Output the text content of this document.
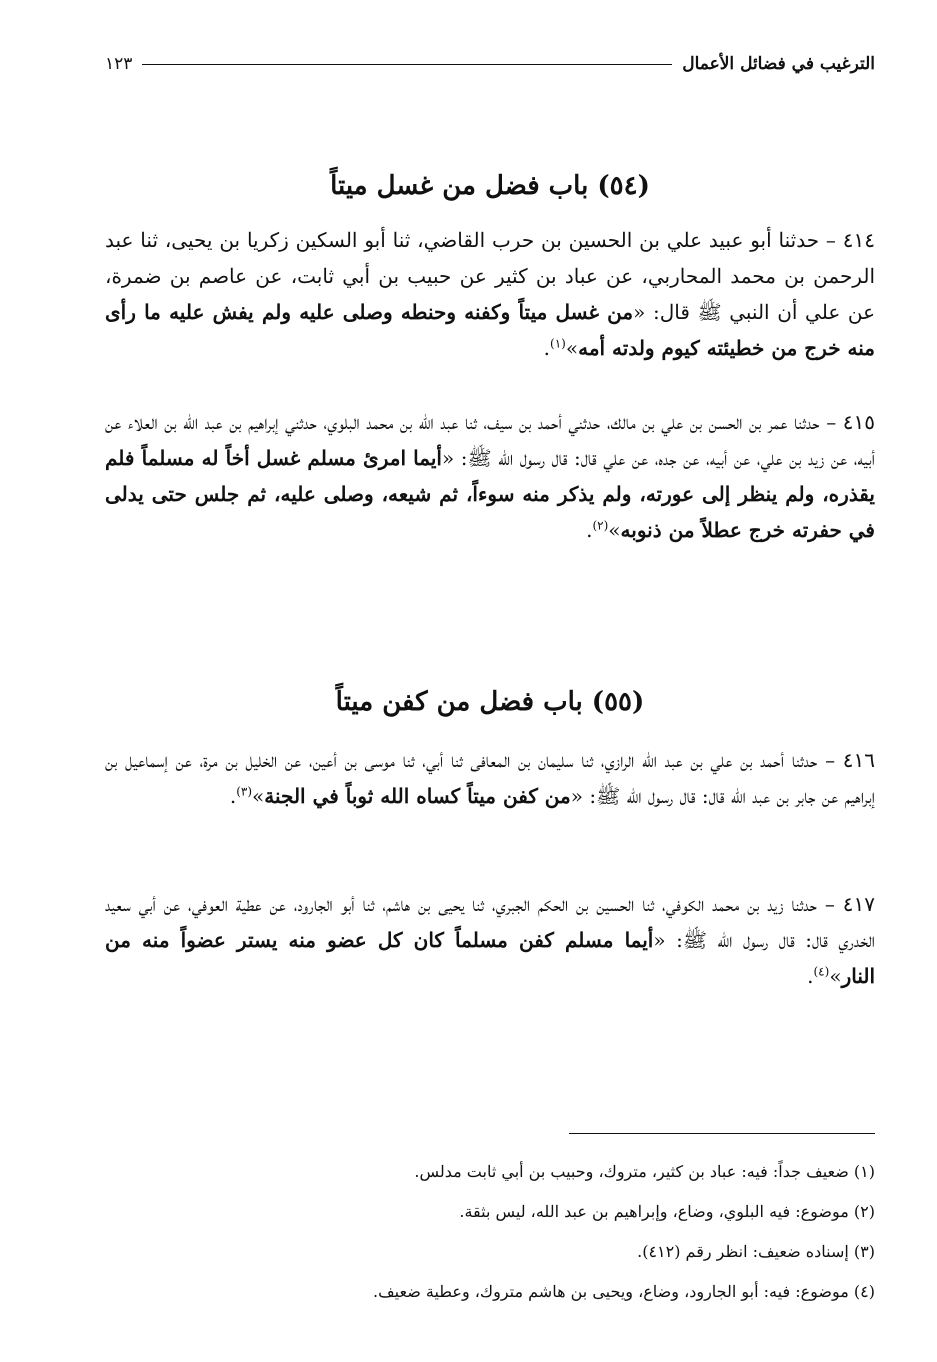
الترغيب في فضائل الأعمال
١٢٣
(٥٤) باب فضل من غسل ميتاً

٤١٤ – حدثنا أبو عبيد علي بن الحسين بن حرب القاضي، ثنا أبو السكين زكريا بن يحيى، ثنا عبد الرحمن بن محمد المحاربي، عن عباد بن كثير عن حبيب بن أبي ثابت، عن عاصم بن ضمرة، عن علي أن النبي ﷺ قال: «من غسل ميتاً وكفنه وحنطه وصلى عليه ولم يفش عليه ما رأى منه خرج من خطيئته كيوم ولدته أمه»$^{(١)}$.

٤١٥ – حدثنا عمر بن الحسن بن علي بن مالك، حدثني أحمد بن سيف، ثنا عبد الله بن محمد البلوي، حدثني إبراهيم بن عبد الله بن العلاء عن أبيه، عن زيد بن علي، عن أبيه، عن جده، عن علي قال: قال رسول الله ﷺ: «أيما امرئ مسلم غسل أخاً له مسلماً فلم يقذره، ولم ينظر إلى عورته، ولم يذكر منه سوءاً، ثم شيعه، وصلى عليه، ثم جلس حتى يدلى في حفرته خرج عطلاً من ذنوبه»$^{(٢)}$.

(٥٥) باب فضل من كفن ميتاً

٤١٦ – حدثنا أحمد بن علي بن عبد الله الرازي، ثنا سليمان بن المعافى ثنا أبي، ثنا موسى بن أعين، عن الخليل بن مرة، عن إسماعيل بن إبراهيم عن جابر بن عبد الله قال: قال رسول الله ﷺ: «من كفن ميتاً كساه الله ثوباً في الجنة»$^{(٣)}$.

٤١٧ – حدثنا زيد بن محمد الكوفي، ثنا الحسين بن الحكم الجبري، ثنا يحيى بن هاشم، ثنا أبو الجارود، عن عطية العوفي، عن أبي سعيد الخدري قال: قال رسول الله ﷺ: «أيما مسلم كفن مسلماً كان كل عضو منه يستر عضواً منه من النار»$^{(٤)}$.

(١) ضعيف جداً: فيه: عباد بن كثير، متروك، وحبيب بن أبي ثابت مدلس.
(٢) موضوع: فيه البلوي، وضاع، وإبراهيم بن عبد الله، ليس بثقة.
(٣) إسناده ضعيف: انظر رقم (٤١٢).
(٤) موضوع: فيه: أبو الجارود، وضاع، ويحيى بن هاشم متروك، وعطية ضعيف.
